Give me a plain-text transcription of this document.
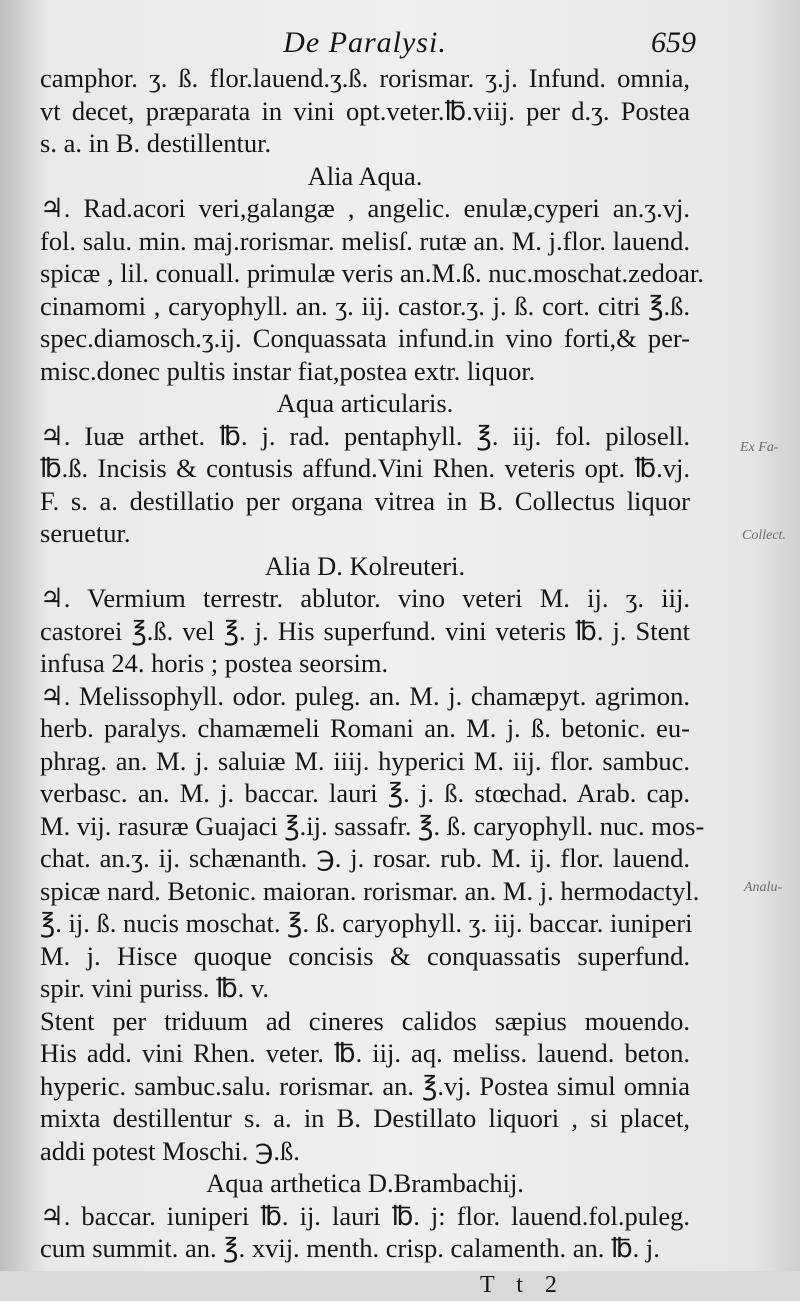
De Paralysi.	659
camphor. ʒ. ß. flor.lauend.ʒ.ß. rorismar. ʒ.j. Infund. omnia,
vt decet, præparata in vini opt.veter.℔.viij. per d.ʒ. Postea
s. a. in B. destillentur.
Alia Aqua.
♃. Rad.acori veri,galangæ , angelic. enulæ,cyperi an.ʒ.vj.
fol. salu. min. maj.rorismar. melisſ. rutæ an. M. j.flor. lauend.
spicæ , lil. conuall. primulæ veris an.M.ß. nuc.moschat.zedoar.
cinamomi , caryophyll. an. ʒ. iij. castor.ʒ. j. ß. cort. citri ℥.ß.
spec.diamosch.ʒ.ij. Conquassata infund.in vino forti,& per-
misc.donec pultis instar fiat,postea extr. liquor.
Aqua articularis.
♃. Iuæ arthet. ℔. j. rad. pentaphyll. ℥. iij. fol. pilosell.
℔.ß. Incisis & contusis affund.Vini Rhen. veteris opt. ℔.vj.
F. s. a. destillatio per organa vitrea in B. Collectus liquor
seruetur.
Alia D. Kolreuteri.
♃. Vermium terrestr. ablutor. vino veteri M. ij. ʒ. iij.
castorei ℥.ß. vel ℥. j. His superfund. vini veteris ℔. j. Stent
infusa 24. horis ; postea seorsim.
♃. Melissophyll. odor. puleg. an. M. j. chamæpyt. agrimon.
herb. paralys. chamæmeli Romani an. M. j. ß. betonic. eu-
phrag. an. M. j. saluiæ M. iiij. hyperici M. iij. flor. sambuc.
verbasc. an. M. j. baccar. lauri ℥. j. ß. stœchad. Arab. cap.
M. vij. rasuræ Guajaci ℥.ij. sassafr. ℥. ß. caryophyll. nuc. mos-
chat. an.ʒ. ij. schænanth. ℈. j. rosar. rub. M. ij. flor. lauend.
spicæ nard. Betonic. maioran. rorismar. an. M. j. hermodactyl.
℥. ij. ß. nucis moschat. ℥. ß. caryophyll. ʒ. iij. baccar. iuniperi
M. j. Hisce quoque concisis & conquassatis superfund.
spir. vini puriss. ℔. v.
Stent per triduum ad cineres calidos sæpius mouendo.
His add. vini Rhen. veter. ℔. iij. aq. meliss. lauend. beton.
hyperic. sambuc.salu. rorismar. an. ℥.vj. Postea simul omnia
mixta destillentur s. a. in B. Destillato liquori , si placet,
addi potest Moschi. ℈.ß.
Aqua arthetica D.Brambachij.
♃. baccar. iuniperi ℔. ij. lauri ℔. j: flor. lauend.fol.puleg.
cum summit. an. ℥. xvij. menth. crisp. calamenth. an. ℔. j.
T t 2
Ex Fa-
Collect.
Analu-
